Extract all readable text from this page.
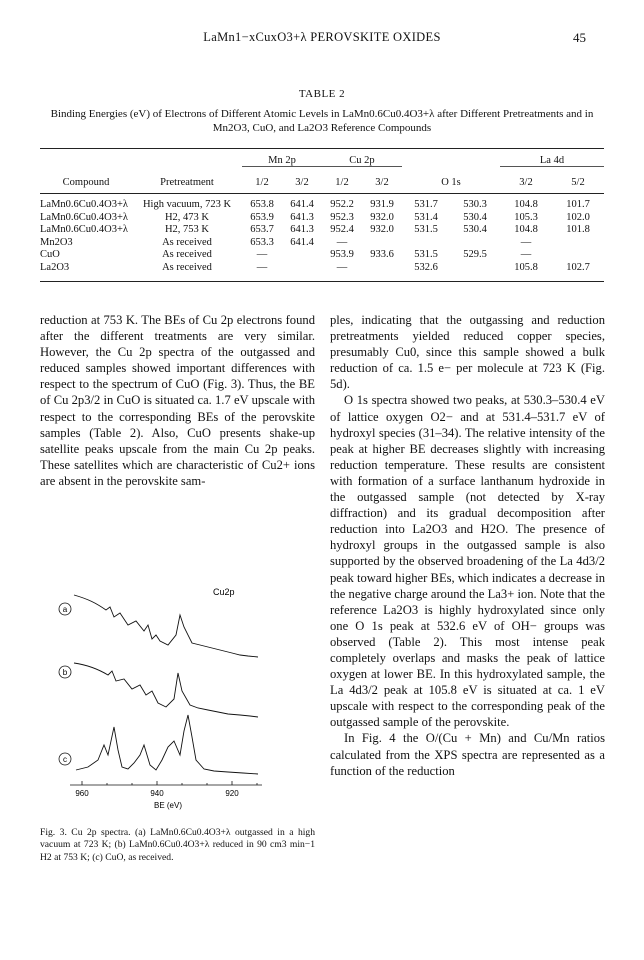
LaMn1−xCuxO3+λ PEROVSKITE OXIDES	45
TABLE 2
Binding Energies (eV) of Electrons of Different Atomic Levels in LaMn0.6Cu0.4O3+λ after Different Pretreatments and in Mn2O3, CuO, and La2O3 Reference Compounds
		Mn 2p		Cu 2p				La 4d	
Compound	Pretreatment	1/2	3/2	1/2	3/2	O 1s		3/2	5/2
LaMn0.6Cu0.4O3+λ	High vacuum, 723 K	653.8	641.4	952.2	931.9	531.7	530.3	104.8	101.7
LaMn0.6Cu0.4O3+λ	H2, 473 K	653.9	641.3	952.3	932.0	531.4	530.4	105.3	102.0
LaMn0.6Cu0.4O3+λ	H2, 753 K	653.7	641.3	952.4	932.0	531.5	530.4	104.8	101.8
Mn2O3	As received	653.3	641.4	—				—	
CuO	As received	—		953.9	933.6	531.5	529.5	—	
La2O3	As received	—		—		532.6		105.8	102.7

reduction at 753 K. The BEs of Cu 2p electrons found after the different treatments are very similar. However, the Cu 2p spectra of the outgassed and reduced samples showed important differences with respect to the spectrum of CuO (Fig. 3). Thus, the BE of Cu 2p3/2 in CuO is situated ca. 1.7 eV upscale with respect to the corresponding BEs of the perovskite samples (Table 2). Also, CuO presents shake-up satellite peaks upscale from the main Cu 2p peaks. These satellites which are characteristic of Cu2+ ions are absent in the perovskite sam-

Cu2p
a
b
c
960	940	920
BE (eV)
Fig. 3. Cu 2p spectra. (a) LaMn0.6Cu0.4O3+λ outgassed in a high vacuum at 723 K; (b) LaMn0.6Cu0.4O3+λ reduced in 90 cm3 min−1 H2 at 753 K; (c) CuO, as received.

ples, indicating that the outgassing and reduction pretreatments yielded reduced copper species, presumably Cu0, since this sample showed a bulk reduction of ca. 1.5 e− per molecule at 723 K (Fig. 5d).

O 1s spectra showed two peaks, at 530.3–530.4 eV of lattice oxygen O2− and at 531.4–531.7 eV of hydroxyl species (31–34). The relative intensity of the peak at higher BE decreases slightly with increasing reduction temperature. These results are consistent with formation of a surface lanthanum hydroxide in the outgassed sample (not detected by X-ray diffraction) and its gradual decomposition after reduction into La2O3 and H2O. The presence of hydroxyl groups in the outgassed sample is also supported by the observed broadening of the La 4d3/2 peak toward higher BEs, which indicates a decrease in the negative charge around the La3+ ion. Note that the reference La2O3 is highly hydroxylated since only one O 1s peak at 532.6 eV of OH− groups was observed (Table 2). This most intense peak completely overlaps and masks the peak of lattice oxygen at lower BE. In this hydroxylated sample, the La 4d3/2 peak at 105.8 eV is situated at ca. 1 eV upscale with respect to the corresponding peak of the outgassed sample of the perovskite.

In Fig. 4 the O/(Cu + Mn) and Cu/Mn ratios calculated from the XPS spectra are represented as a function of the reduction
